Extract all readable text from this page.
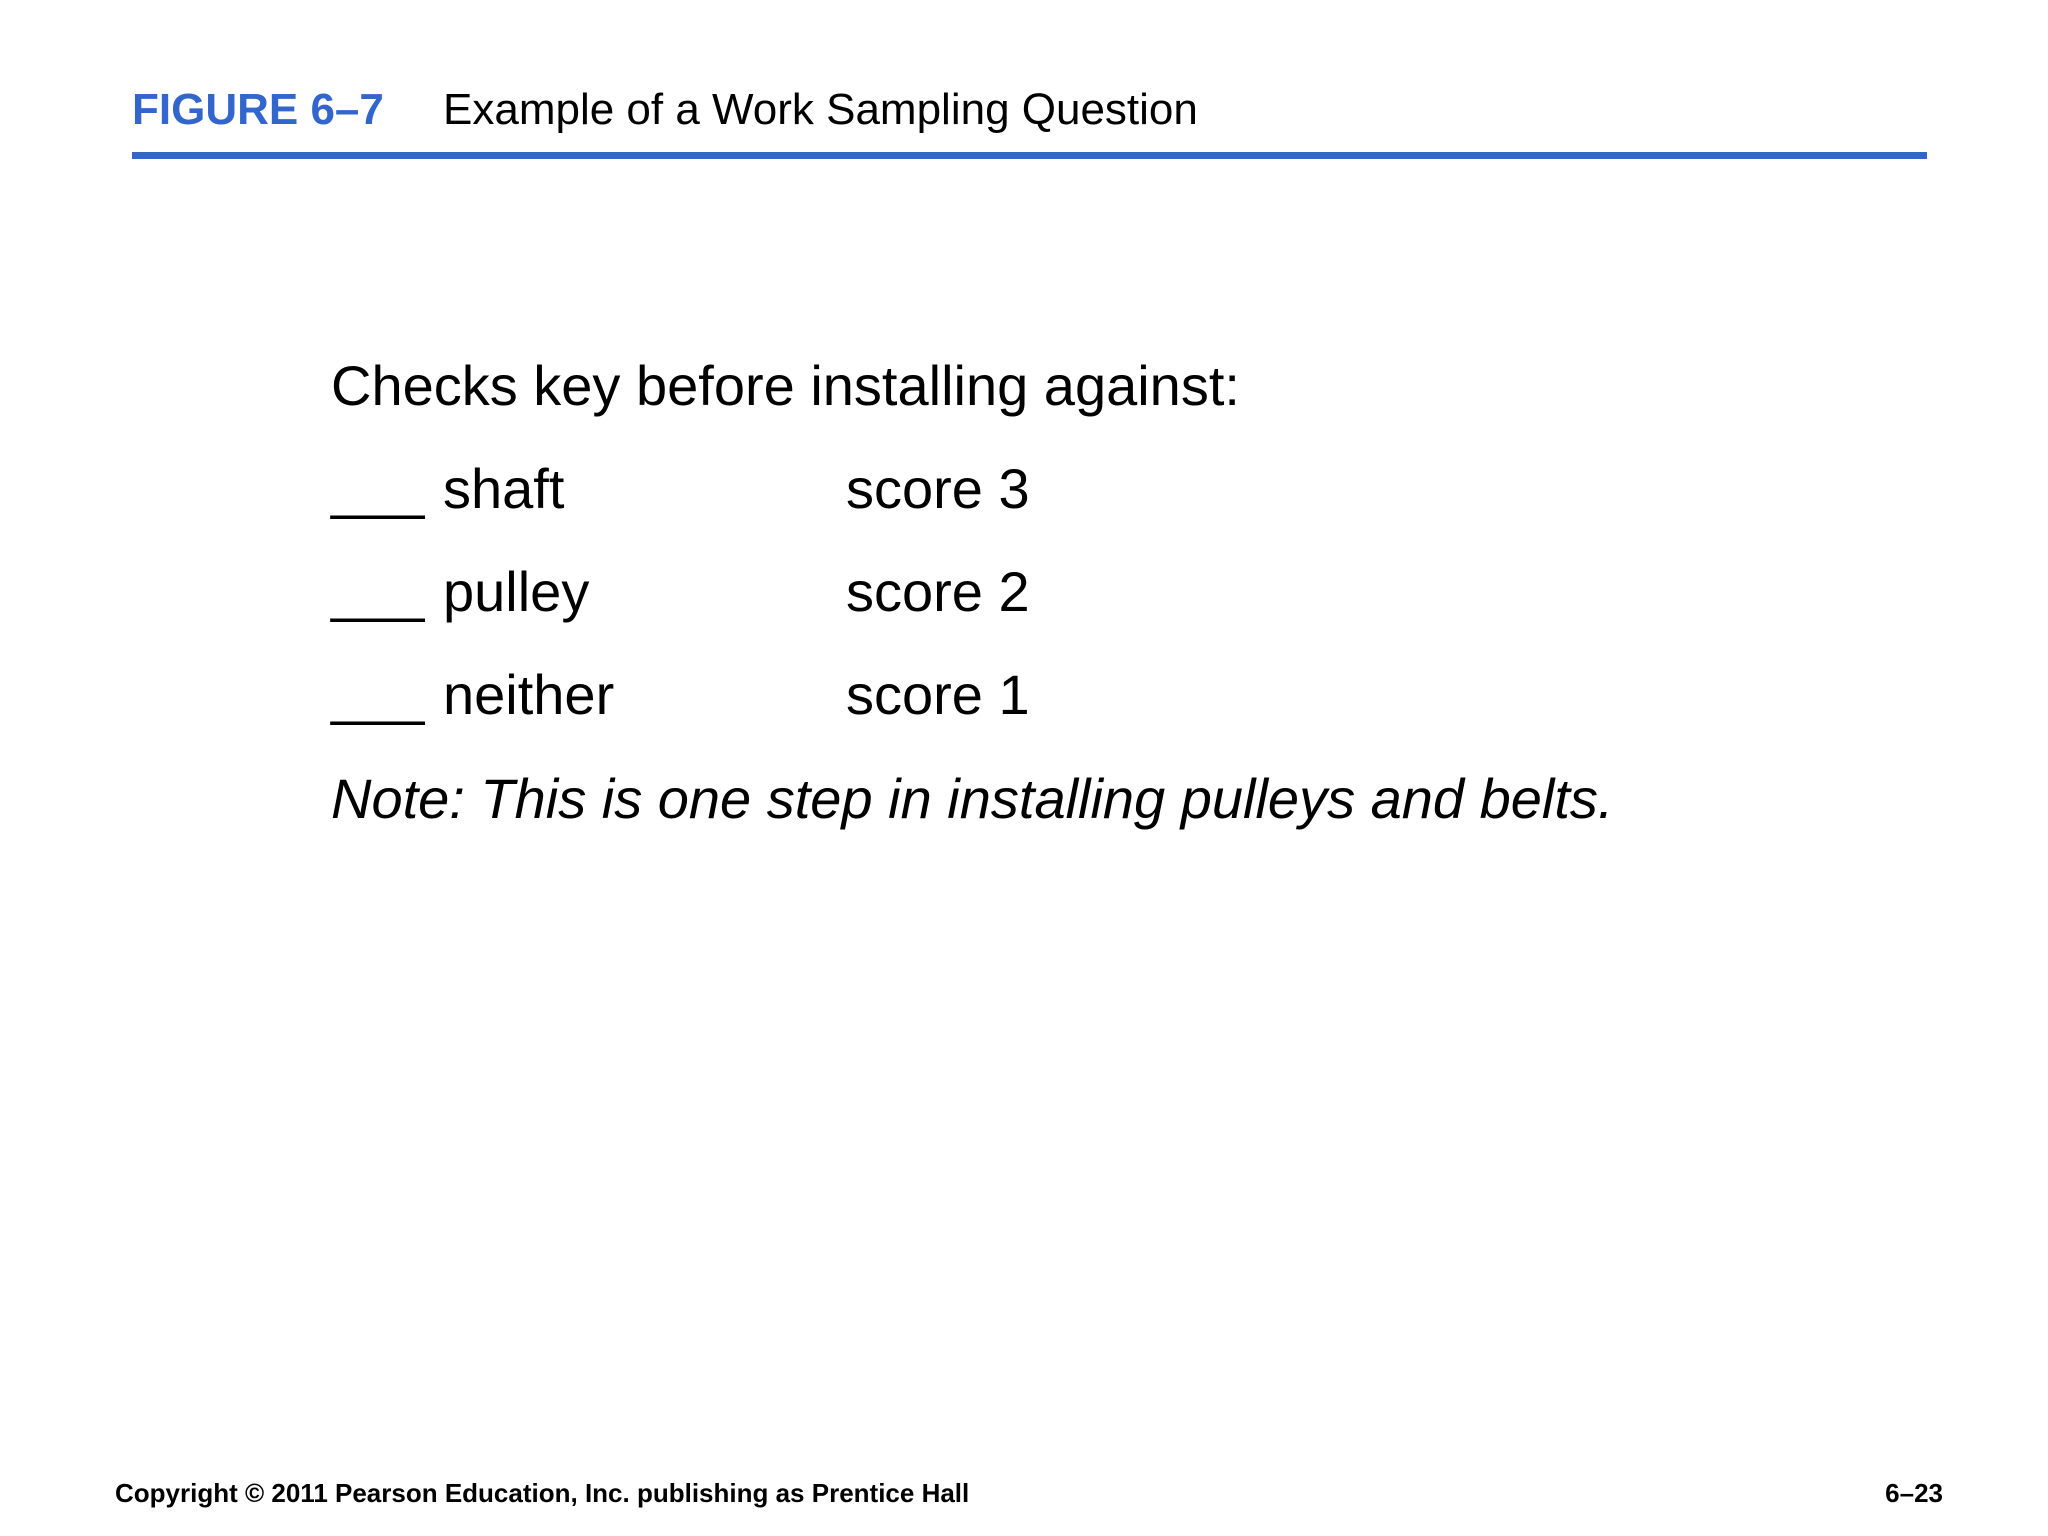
FIGURE 6–7 Example of a Work Sampling Question
Checks key before installing against:
___ shaft	score 3
___ pulley	score 2
___ neither	score 1
Note: This is one step in installing pulleys and belts.
Copyright © 2011 Pearson Education, Inc. publishing as Prentice Hall	6–23
